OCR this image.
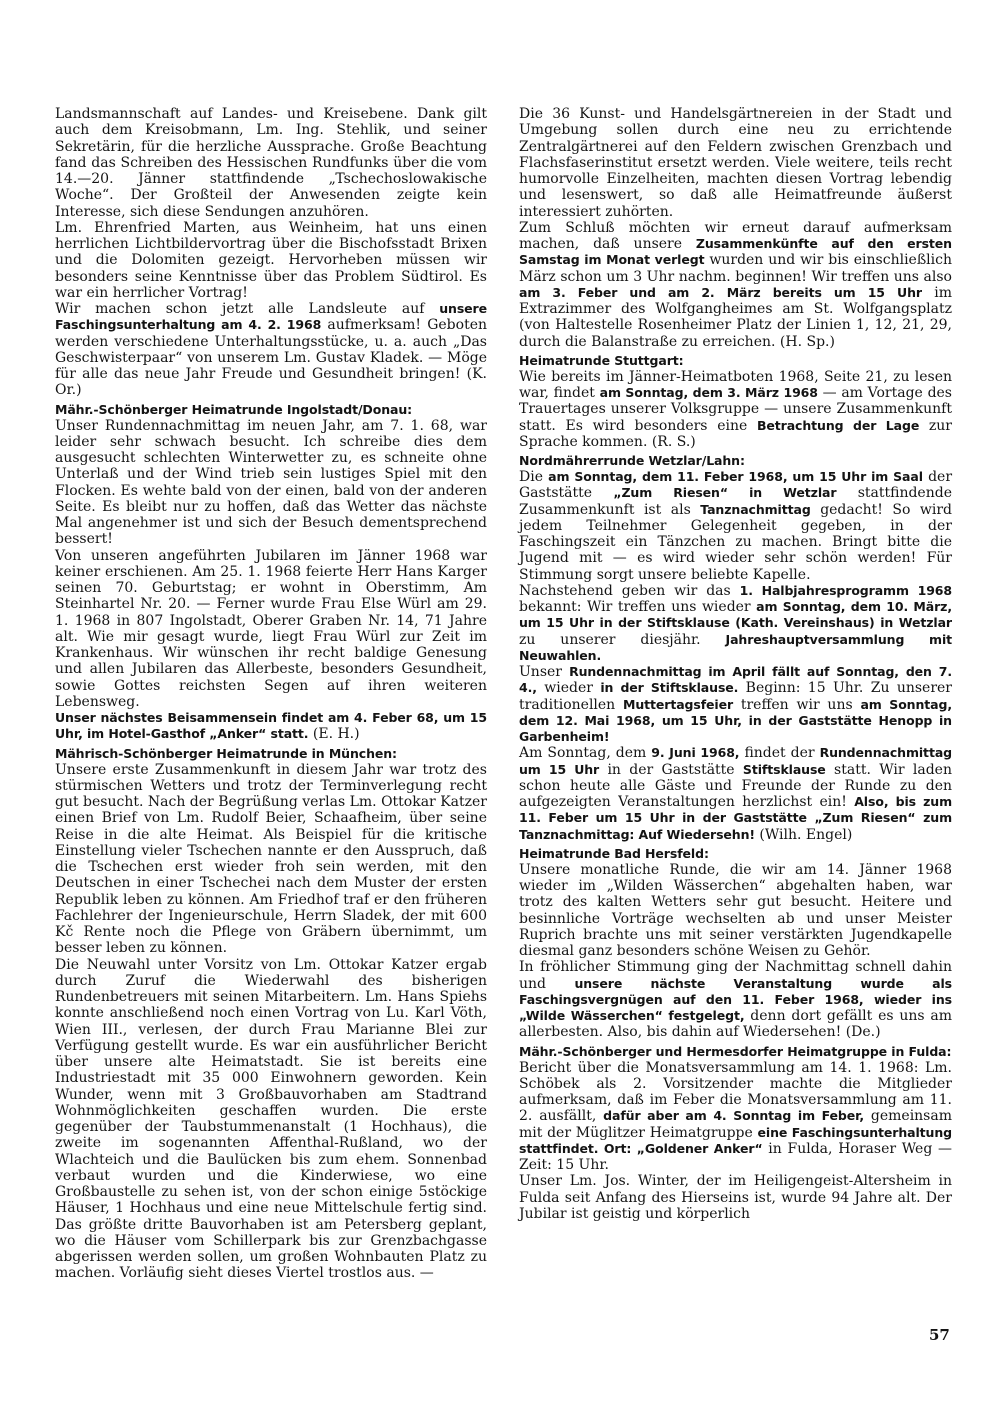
Landsmannschaft auf Landes- und Kreisebene. Dank gilt auch dem Kreisobmann, Lm. Ing. Stehlik, und seiner Sekretärin, für die herzliche Aussprache. Große Beachtung fand das Schreiben des Hessischen Rundfunks über die vom 14.—20. Jänner stattfindende „Tschechoslowakische Woche“. Der Großteil der Anwesenden zeigte kein Interesse, sich diese Sendungen anzuhören.

Lm. Ehrenfried Marten, aus Weinheim, hat uns einen herrlichen Lichtbildervortrag über die Bischofsstadt Brixen und die Dolomiten gezeigt. Hervorheben müssen wir besonders seine Kenntnisse über das Problem Südtirol. Es war ein herrlicher Vortrag!

Wir machen schon jetzt alle Landsleute auf unsere Faschingsunterhaltung am 4. 2. 1968 aufmerksam! Geboten werden verschiedene Unterhaltungsstücke, u. a. auch „Das Geschwisterpaar“ von unserem Lm. Gustav Kladek. — Möge für alle das neue Jahr Freude und Gesundheit bringen! (K. Or.)

Mähr.-Schönberger Heimatrunde Ingolstadt/Donau:

Unser Rundennachmittag im neuen Jahr, am 7. 1. 68, war leider sehr schwach besucht. Ich schreibe dies dem ausgesucht schlechten Winterwetter zu, es schneite ohne Unterlaß und der Wind trieb sein lustiges Spiel mit den Flocken. Es wehte bald von der einen, bald von der anderen Seite. Es bleibt nur zu hoffen, daß das Wetter das nächste Mal angenehmer ist und sich der Besuch dementsprechend bessert!

Von unseren angeführten Jubilaren im Jänner 1968 war keiner erschienen. Am 25. 1. 1968 feierte Herr Hans Karger seinen 70. Geburtstag; er wohnt in Oberstimm, Am Steinhartel Nr. 20. — Ferner wurde Frau Else Würl am 29. 1. 1968 in 807 Ingolstadt, Oberer Graben Nr. 14, 71 Jahre alt. Wie mir gesagt wurde, liegt Frau Würl zur Zeit im Krankenhaus. Wir wünschen ihr recht baldige Genesung und allen Jubilaren das Allerbeste, besonders Gesundheit, sowie Gottes reichsten Segen auf ihren weiteren Lebensweg.

Unser nächstes Beisammensein findet am 4. Feber 68, um 15 Uhr, im Hotel-Gasthof „Anker“ statt. (E. H.)

Mährisch-Schönberger Heimatrunde in München:

Unsere erste Zusammenkunft in diesem Jahr war trotz des stürmischen Wetters und trotz der Terminverlegung recht gut besucht. Nach der Begrüßung verlas Lm. Ottokar Katzer einen Brief von Lm. Rudolf Beier, Schaafheim, über seine Reise in die alte Heimat. Als Beispiel für die kritische Einstellung vieler Tschechen nannte er den Ausspruch, daß die Tschechen erst wieder froh sein werden, mit den Deutschen in einer Tschechei nach dem Muster der ersten Republik leben zu können. Am Friedhof traf er den früheren Fachlehrer der Ingenieurschule, Herrn Sladek, der mit 600 Kč Rente noch die Pflege von Gräbern übernimmt, um besser leben zu können.

Die Neuwahl unter Vorsitz von Lm. Ottokar Katzer ergab durch Zuruf die Wiederwahl des bisherigen Rundenbetreuers mit seinen Mitarbeitern. Lm. Hans Spiehs konnte anschließend noch einen Vortrag von Lu. Karl Vöth, Wien III., verlesen, der durch Frau Marianne Blei zur Verfügung gestellt wurde. Es war ein ausführlicher Bericht über unsere alte Heimatstadt. Sie ist bereits eine Industriestadt mit 35 000 Einwohnern geworden. Kein Wunder, wenn mit 3 Großbauvorhaben am Stadtrand Wohnmöglichkeiten geschaffen wurden. Die erste gegenüber der Taubstummenanstalt (1 Hochhaus), die zweite im sogenannten Affenthal-Rußland, wo der Wlachteich und die Baulücken bis zum ehem. Sonnenbad verbaut wurden und die Kinderwiese, wo eine Großbaustelle zu sehen ist, von der schon einige 5stöckige Häuser, 1 Hochhaus und eine neue Mittelschule fertig sind. Das größte dritte Bauvorhaben ist am Petersberg geplant, wo die Häuser vom Schillerpark bis zur Grenzbachgasse abgerissen werden sollen, um großen Wohnbauten Platz zu machen. Vorläufig sieht dieses Viertel trostlos aus. —

Die 36 Kunst- und Handelsgärtnereien in der Stadt und Umgebung sollen durch eine neu zu errichtende Zentralgärtnerei auf den Feldern zwischen Grenzbach und Flachsfaserinstitut ersetzt werden. Viele weitere, teils recht humorvolle Einzelheiten, machten diesen Vortrag lebendig und lesenswert, so daß alle Heimatfreunde äußerst interessiert zuhörten.

Zum Schluß möchten wir erneut darauf aufmerksam machen, daß unsere Zusammenkünfte auf den ersten Samstag im Monat verlegt wurden und wir bis einschließlich März schon um 3 Uhr nachm. beginnen! Wir treffen uns also am 3. Feber und am 2. März bereits um 15 Uhr im Extrazimmer des Wolfgangheimes am St. Wolfgangsplatz (von Haltestelle Rosenheimer Platz der Linien 1, 12, 21, 29, durch die Balanstraße zu erreichen. (H. Sp.)

Heimatrunde Stuttgart:

Wie bereits im Jänner-Heimatboten 1968, Seite 21, zu lesen war, findet am Sonntag, dem 3. März 1968 — am Vortage des Trauertages unserer Volksgruppe — unsere Zusammenkunft statt. Es wird besonders eine Betrachtung der Lage zur Sprache kommen. (R. S.)

Nordmährerrunde Wetzlar/Lahn:

Die am Sonntag, dem 11. Feber 1968, um 15 Uhr im Saal der Gaststätte „Zum Riesen“ in Wetzlar stattfindende Zusammenkunft ist als Tanznachmittag gedacht! So wird jedem Teilnehmer Gelegenheit gegeben, in der Faschingszeit ein Tänzchen zu machen. Bringt bitte die Jugend mit — es wird wieder sehr schön werden! Für Stimmung sorgt unsere beliebte Kapelle.

Nachstehend geben wir das 1. Halbjahresprogramm 1968 bekannt: Wir treffen uns wieder am Sonntag, dem 10. März, um 15 Uhr in der Stiftsklause (Kath. Vereinshaus) in Wetzlar zu unserer diesjähr. Jahreshauptversammlung mit Neuwahlen.

Unser Rundennachmittag im April fällt auf Sonntag, den 7. 4., wieder in der Stiftsklause. Beginn: 15 Uhr. Zu unserer traditionellen Muttertagsfeier treffen wir uns am Sonntag, dem 12. Mai 1968, um 15 Uhr, in der Gaststätte Henopp in Garbenheim!

Am Sonntag, dem 9. Juni 1968, findet der Rundennachmittag um 15 Uhr in der Gaststätte Stiftsklause statt. Wir laden schon heute alle Gäste und Freunde der Runde zu den aufgezeigten Veranstaltungen herzlichst ein! Also, bis zum 11. Feber um 15 Uhr in der Gaststätte „Zum Riesen“ zum Tanznachmittag: Auf Wiedersehn! (Wilh. Engel)

Heimatrunde Bad Hersfeld:

Unsere monatliche Runde, die wir am 14. Jänner 1968 wieder im „Wilden Wässerchen“ abgehalten haben, war trotz des kalten Wetters sehr gut besucht. Heitere und besinnliche Vorträge wechselten ab und unser Meister Ruprich brachte uns mit seiner verstärkten Jugendkapelle diesmal ganz besonders schöne Weisen zu Gehör.

In fröhlicher Stimmung ging der Nachmittag schnell dahin und unsere nächste Veranstaltung wurde als Faschingsvergnügen auf den 11. Feber 1968, wieder ins „Wilde Wässerchen“ festgelegt, denn dort gefällt es uns am allerbesten. Also, bis dahin auf Wiedersehen! (De.)

Mähr.-Schönberger und Hermesdorfer Heimatgruppe in Fulda:

Bericht über die Monatsversammlung am 14. 1. 1968: Lm. Schöbek als 2. Vorsitzender machte die Mitglieder aufmerksam, daß im Feber die Monatsversammlung am 11. 2. ausfällt, dafür aber am 4. Sonntag im Feber, gemeinsam mit der Müglitzer Heimatgruppe eine Faschingsunterhaltung stattfindet. Ort: „Goldener Anker“ in Fulda, Horaser Weg — Zeit: 15 Uhr.

Unser Lm. Jos. Winter, der im Heiligengeist-Altersheim in Fulda seit Anfang des Hierseins ist, wurde 94 Jahre alt. Der Jubilar ist geistig und körperlich

57
